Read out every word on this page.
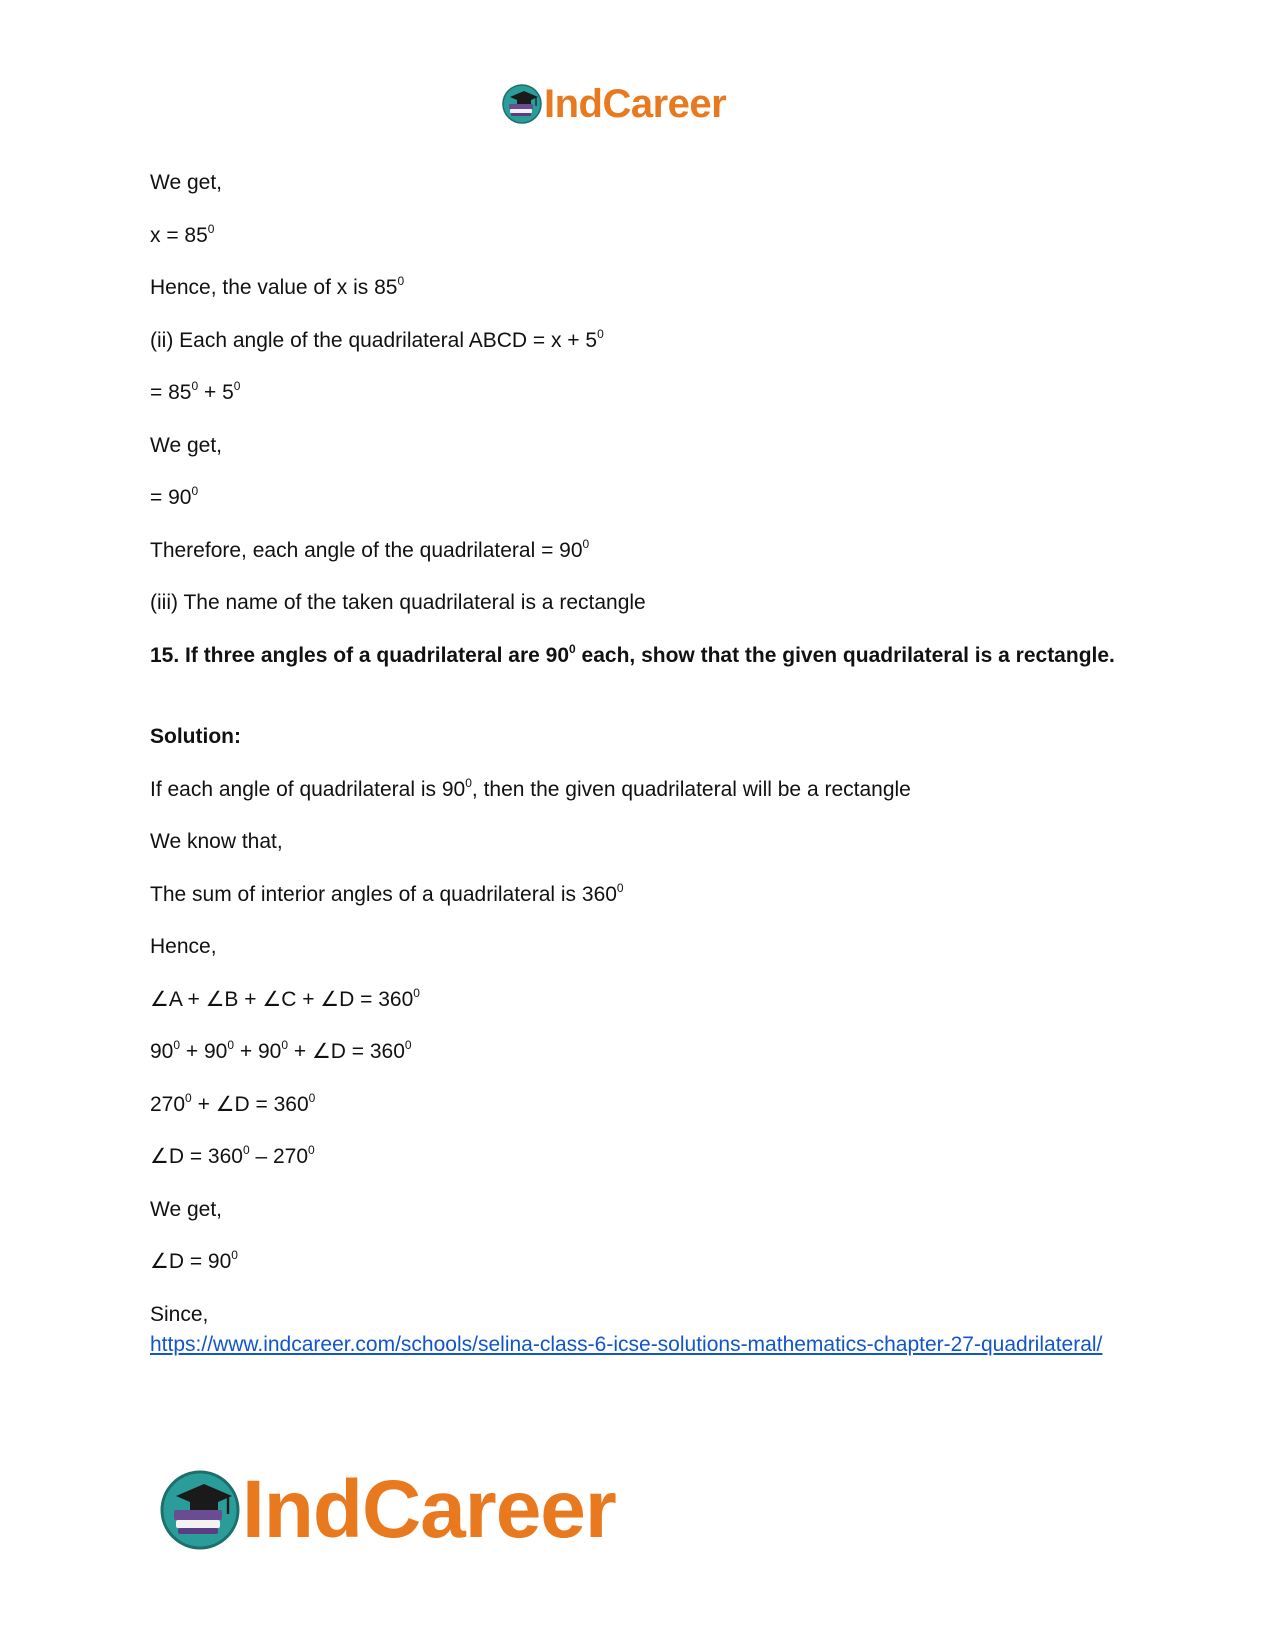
IndCareer
We get,
$x = 85^0$
Hence, the value of x is $85^0$
(ii) Each angle of the quadrilateral ABCD = $x + 5^0$
= $85^0 + 5^0$
We get,
= $90^0$
Therefore, each angle of the quadrilateral = $90^0$
(iii) The name of the taken quadrilateral is a rectangle
15. If three angles of a quadrilateral are $90^0$ each, show that the given quadrilateral is a rectangle.
Solution:
If each angle of quadrilateral is $90^0$, then the given quadrilateral will be a rectangle
We know that,
The sum of interior angles of a quadrilateral is $360^0$
Hence,
∠A + ∠B + ∠C + ∠D = $360^0$
$90^0 + 90^0 + 90^0$ + ∠D = $360^0$
$270^0$ + ∠D = $360^0$
∠D = $360^0 - 270^0$
We get,
∠D = $90^0$
Since,
https://www.indcareer.com/schools/selina-class-6-icse-solutions-mathematics-chapter-27-quadrilateral/
IndCareer
